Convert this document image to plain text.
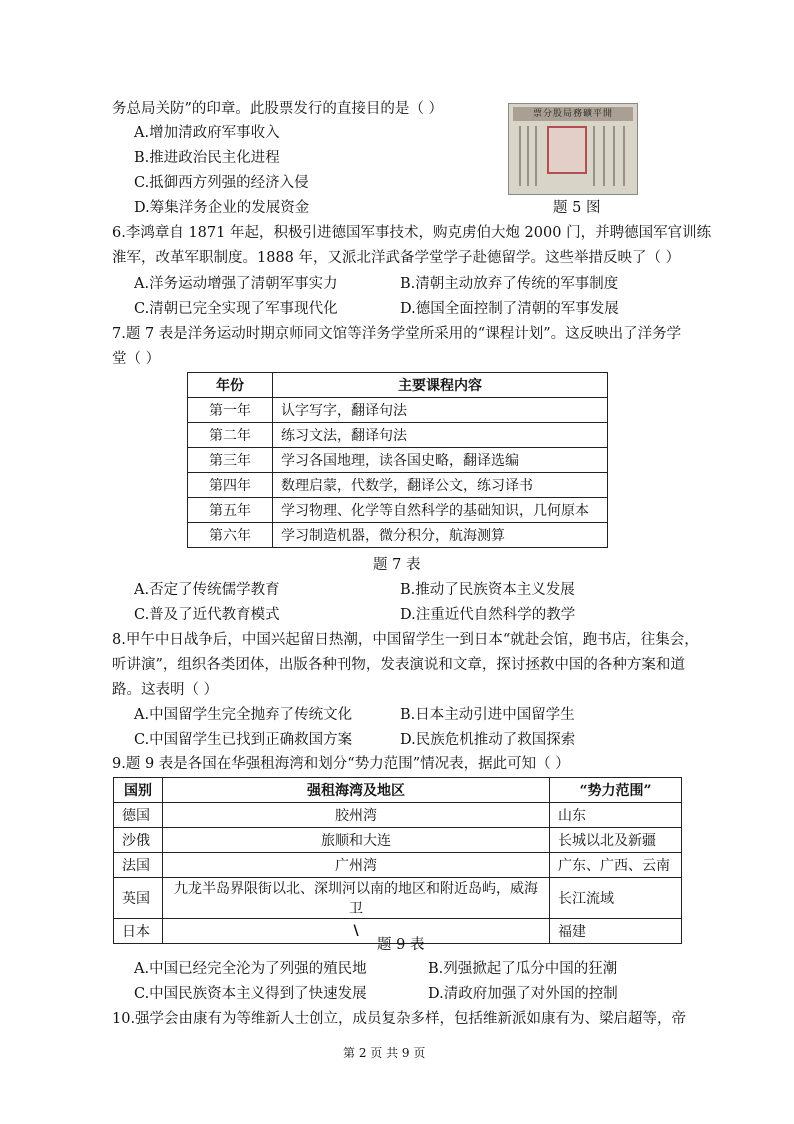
务总局关防”的印章。此股票发行的直接目的是（ ）
A.增加清政府军事收入
B.推进政治民主化进程
C.抵御西方列强的经济入侵
D.筹集洋务企业的发展资金
票分股局務礦平開
题 5 图
6.李鸿章自 1871 年起，积极引进德国军事技术，购克虏伯大炮 2000 门，并聘德国军官训练
淮军，改革军职制度。1888 年，又派北洋武备学堂学子赴德留学。这些举措反映了（ ）
A.洋务运动增强了清朝军事实力	B.清朝主动放弃了传统的军事制度
C.清朝已完全实现了军事现代化	D.德国全面控制了清朝的军事发展
7.题 7 表是洋务运动时期京师同文馆等洋务学堂所采用的“课程计划”。这反映出了洋务学
堂（ ）
年份	主要课程内容
第一年	认字写字，翻译句法
第二年	练习文法，翻译句法
第三年	学习各国地理，读各国史略，翻译选编
第四年	数理启蒙，代数学，翻译公文，练习译书
第五年	学习物理、化学等自然科学的基础知识，几何原本
第六年	学习制造机器，微分积分，航海测算
题 7 表
A.否定了传统儒学教育	B.推动了民族资本主义发展
C.普及了近代教育模式	D.注重近代自然科学的教学
8.甲午中日战争后，中国兴起留日热潮，中国留学生一到日本“就赴会馆，跑书店，往集会，
听讲演”，组织各类团体，出版各种刊物，发表演说和文章，探讨拯救中国的各种方案和道
路。这表明（ ）
A.中国留学生完全抛弃了传统文化	B.日本主动引进中国留学生
C.中国留学生已找到正确救国方案	D.民族危机推动了救国探索
9.题 9 表是各国在华强租海湾和划分“势力范围”情况表，据此可知（ ）
国别	强租海湾及地区	“势力范围”
德国	胶州湾	山东
沙俄	旅顺和大连	长城以北及新疆
法国	广州湾	广东、广西、云南
英国	九龙半岛界限街以北、深圳河以南的地区和附近岛屿，威海卫	长江流域
日本	\	福建
题 9 表
A.中国已经完全沦为了列强的殖民地	B.列强掀起了瓜分中国的狂潮
C.中国民族资本主义得到了快速发展	D.清政府加强了对外国的控制
10.强学会由康有为等维新人士创立，成员复杂多样，包括维新派如康有为、梁启超等，帝
第 2 页 共 9 页
